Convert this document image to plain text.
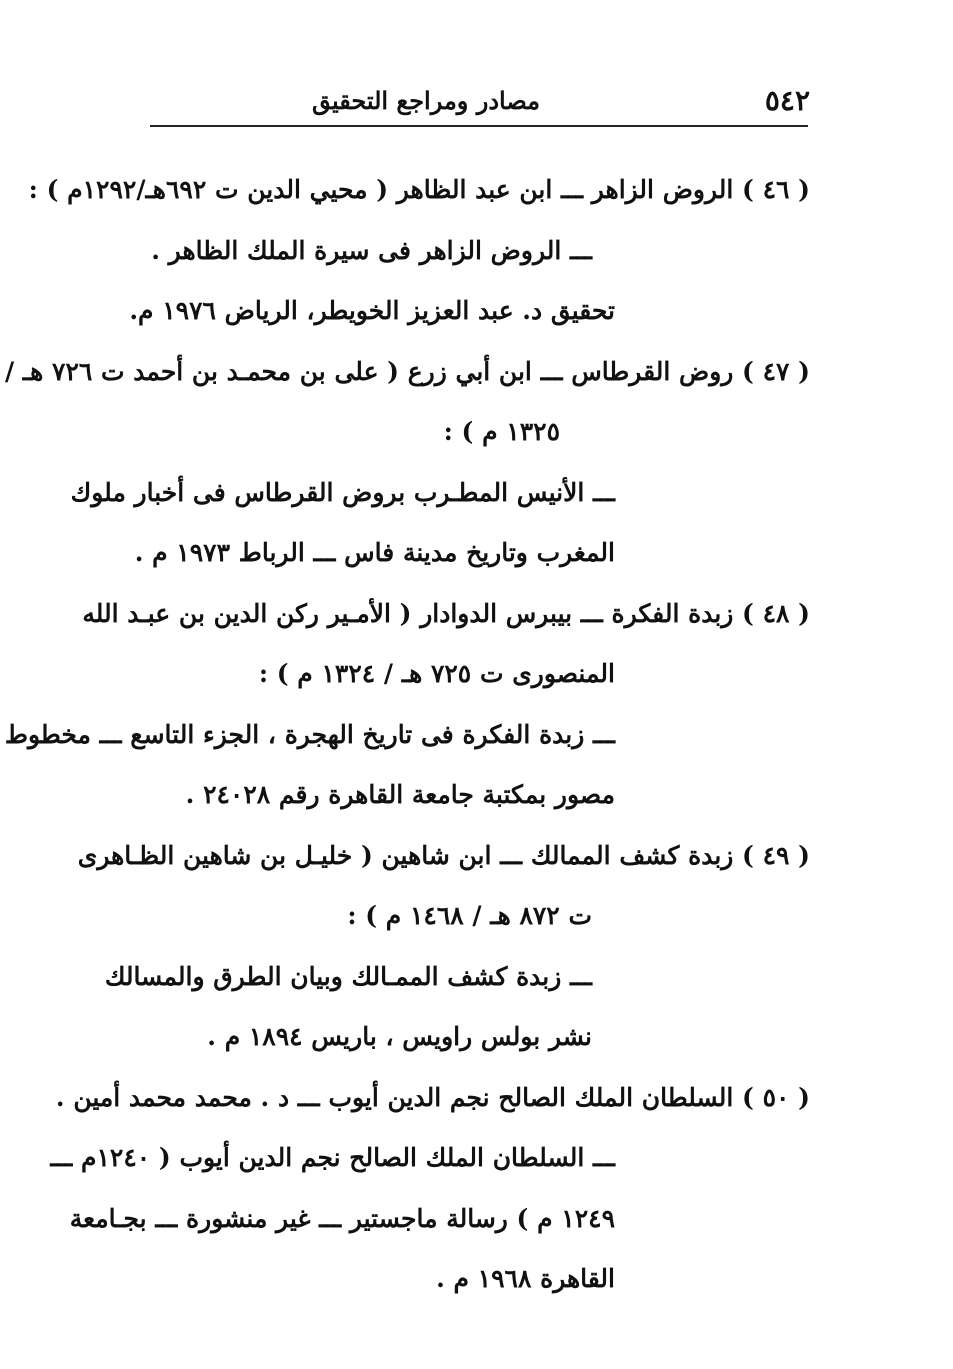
٥٤٢
مصادر ومراجع التحقيق
( ٤٦ ) الروض الزاهر ـــ ابن عبد الظاهر ( محيي الدين ت ٦٩٢هـ/١٢٩٢م ) :
ـــ الروض الزاهر فى سيرة الملك الظاهر .
تحقيق د. عبد العزيز الخويطر، الرياض ١٩٧٦ م.
( ٤٧ ) روض القرطاس ـــ ابن أبي زرع ( على بن محمـد بن أحمد ت ٧٢٦ هـ /
١٣٢٥ م ) :
ـــ الأنيس المطـرب بروض القرطاس فى أخبار ملوك
المغرب وتاريخ مدينة فاس ـــ الرباط ١٩٧٣ م .
( ٤٨ ) زبدة الفكرة ـــ بيبرس الدوادار ( الأمـير ركن الدين بن عبـد الله
المنصورى ت ٧٢٥ هـ / ١٣٢٤ م ) :
ـــ زبدة الفكرة فى تاريخ الهجرة ، الجزء التاسع ـــ مخطوط
مصور بمكتبة جامعة القاهرة رقم ٢٤٠٢٨ .
( ٤٩ ) زبدة كشف الممالك ـــ ابن شاهين ( خليـل بن شاهين الظـاهرى
ت ٨٧٢ هـ / ١٤٦٨ م ) :
ـــ زبدة كشف الممـالك وبيان الطرق والمسالك
نشر بولس راويس ، باريس ١٨٩٤ م .
( ٥٠ ) السلطان الملك الصالح نجم الدين أيوب ـــ د . محمد محمد أمين .
ـــ السلطان الملك الصالح نجم الدين أيوب ( ١٢٤٠م ـــ
١٢٤٩ م ) رسالة ماجستير ـــ غير منشورة ـــ بجـامعة
القاهرة ١٩٦٨ م .
